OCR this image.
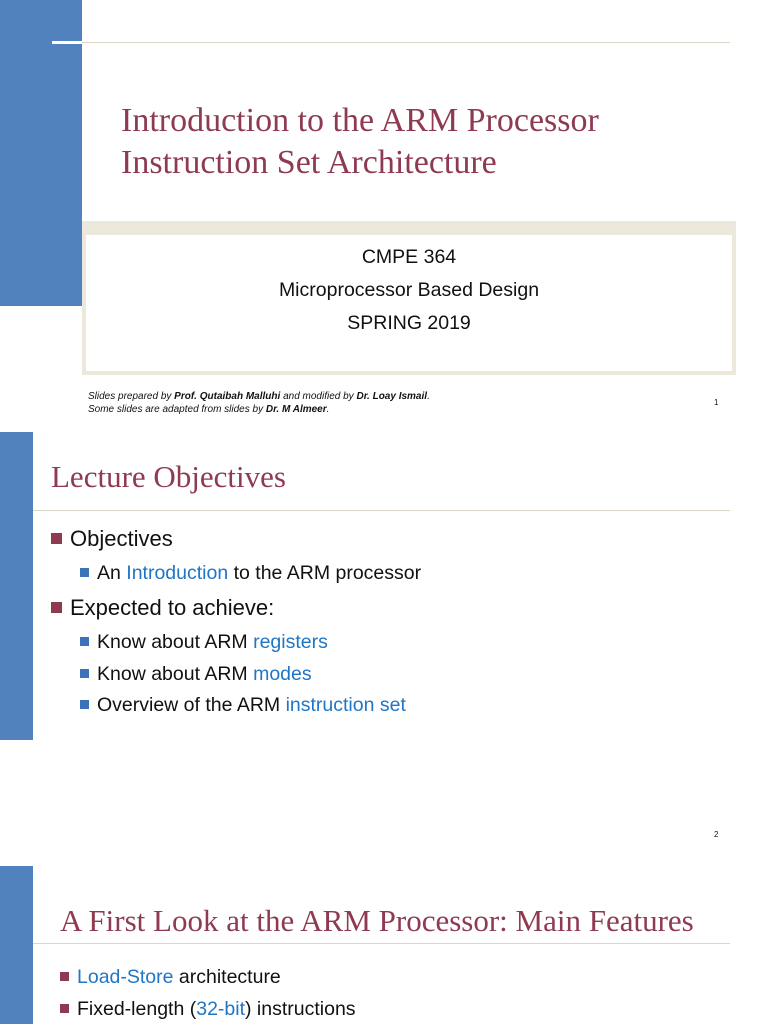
Introduction to the ARM Processor
Instruction Set Architecture
CMPE 364
Microprocessor Based Design
SPRING 2019
Slides prepared by Prof. Qutaibah Malluhi and modified by Dr. Loay Ismail.
Some slides are adapted from slides by Dr. M Almeer.
1
Lecture Objectives
Objectives
An Introduction to the ARM processor
Expected to achieve:
Know about ARM registers
Know about ARM modes
Overview of the ARM instruction set
2
A First Look at the ARM Processor: Main Features
Load-Store architecture
Fixed-length (32-bit) instructions
